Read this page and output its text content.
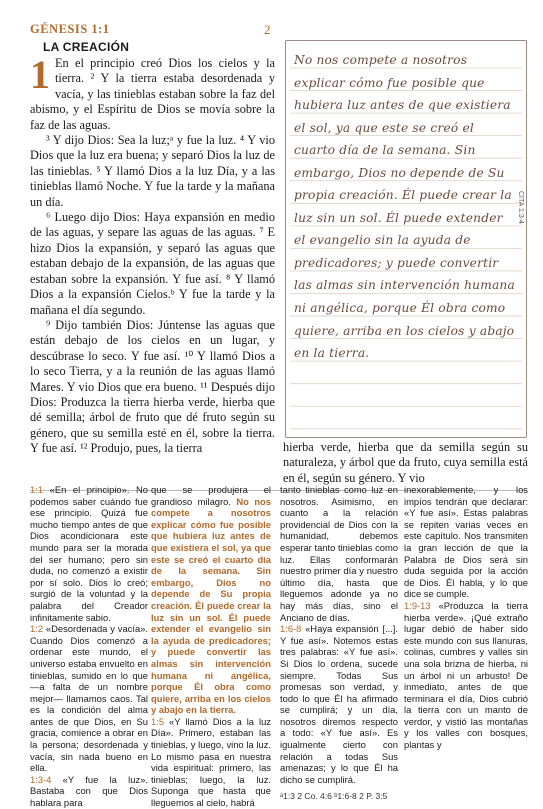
GÉNESIS 1:1	2
LA CREACIÓN
1 En el principio creó Dios los cielos y la tierra. ² Y la tierra estaba desordenada y vacía, y las tinieblas estaban sobre la faz del abismo, y el Espíritu de Dios se movía sobre la faz de las aguas.

³ Y dijo Dios: Sea la luz;ᵃ y fue la luz. ⁴ Y vio Dios que la luz era buena; y separó Dios la luz de las tinieblas. ⁵ Y llamó Dios a la luz Día, y a las tinieblas llamó Noche. Y fue la tarde y la mañana un día.

⁶ Luego dijo Dios: Haya expansión en medio de las aguas, y separe las aguas de las aguas. ⁷ E hizo Dios la expansión, y separó las aguas que estaban debajo de la expansión, de las aguas que estaban sobre la expansión. Y fue así. ⁸ Y llamó Dios a la expansión Cielos.ᵇ Y fue la tarde y la mañana el día segundo.

⁹ Dijo también Dios: Júntense las aguas que están debajo de los cielos en un lugar, y descúbrase lo seco. Y fue así. ¹⁰ Y llamó Dios a lo seco Tierra, y a la reunión de las aguas llamó Mares. Y vio Dios que era bueno. ¹¹ Después dijo Dios: Produzca la tierra hierba verde, hierba que dé semilla; árbol de fruto que dé fruto según su género, que su semilla esté en él, sobre la tierra. Y fue así. ¹² Produjo, pues, la tierra

No nos compete a nosotros explicar cómo fue posible que hubiera luz antes de que existiera el sol, ya que este se creó el cuarto día de la semana. Sin embargo, Dios no depende de Su propia creación. Él puede crear la luz sin un sol. Él puede extender el evangelio sin la ayuda de predicadores; y puede convertir las almas sin intervención humana ni angélica, porque Él obra como quiere, arriba en los cielos y abajo en la tierra.
CITA 1:3-4
hierba verde, hierba que da semilla según su naturaleza, y árbol que da fruto, cuya semilla está en él, según su género. Y vio
1:1 «En el principio». No podemos saber cuándo fue ese principio. Quizá fue mucho tiempo antes de que Dios acondicionara este mundo para ser la morada del ser humano; pero sin duda, no comenzó a existir por sí solo. Dios lo creó; surgió de la voluntad y la palabra del Creador infinitamente sabio.
1:2 «Desordenada y vacía». Cuando Dios comenzó a ordenar este mundo, el universo estaba envuelto en tinieblas, sumido en lo que —a falta de un nombre mejor— llamamos caos. Tal es la condición del alma antes de que Dios, en Su gracia, comience a obrar en la persona; desordenada y vacía, sin nada bueno en ella.
1:3-4 «Y fue la luz». Bastaba con que Dios hablara para
que se produjera el grandioso milagro. No nos compete a nosotros explicar cómo fue posible que hubiera luz antes de que existiera el sol, ya que este se creó el cuarto día de la semana. Sin embargo, Dios no depende de Su propia creación. Él puede crear la luz sin un sol. Él puede extender el evangelio sin la ayuda de predicadores; y puede convertir las almas sin intervención humana ni angélica, porque Él obra como quiere, arriba en los cielos y abajo en la tierra.
1:5 «Y llamó Dios a la luz Día». Primero, estaban las tinieblas, y luego, vino la luz. Lo mismo pasa en nuestra vida espiritual: primero, las tinieblas; luego, la luz. Suponga que hasta que lleguemos al cielo, habrá
tanto tinieblas como luz en nosotros. Asimismo, en cuanto a la relación providencial de Dios con la humanidad, debemos esperar tanto tinieblas como luz. Ellas conformarán nuestro primer día y nuestro último día, hasta que lleguemos adonde ya no hay más días, sino el Anciano de días.
1:6-8 «Haya expansión [...]. Y fue así». Notemos estas tres palabras: «Y fue así». Si Dios lo ordena, sucede siempre. Todas Sus promesas son verdad, y todo lo que Él ha afirmado se cumplirá; y un día, nosotros diremos respecto a todo: «Y fue así». Es igualmente cierto con relación a todas Sus amenazas; y lo que Él ha dicho se cumplirá.
ᵃ1:3 2 Co. 4:6 ᵇ1:6-8 2 P. 3:5
inexorablemente, y los impíos tendrán que declarar: «Y fue así». Estas palabras se repiten varias veces en este capítulo. Nos transmiten la gran lección de que la Palabra de Dios será sin duda seguida por la acción de Dios. Él habla, y lo que dice se cumple.
1:9-13 «Produzca la tierra hierba verde». ¡Qué extraño lugar debió de haber sido este mundo con sus llanuras, colinas, cumbres y valles sin una sola brizna de hierba, ni un árbol ni un arbusto! De inmediato, antes de que terminara el día, Dios cubrió la tierra con un manto de verdor, y vistió las montañas y los valles con bosques, plantas y
